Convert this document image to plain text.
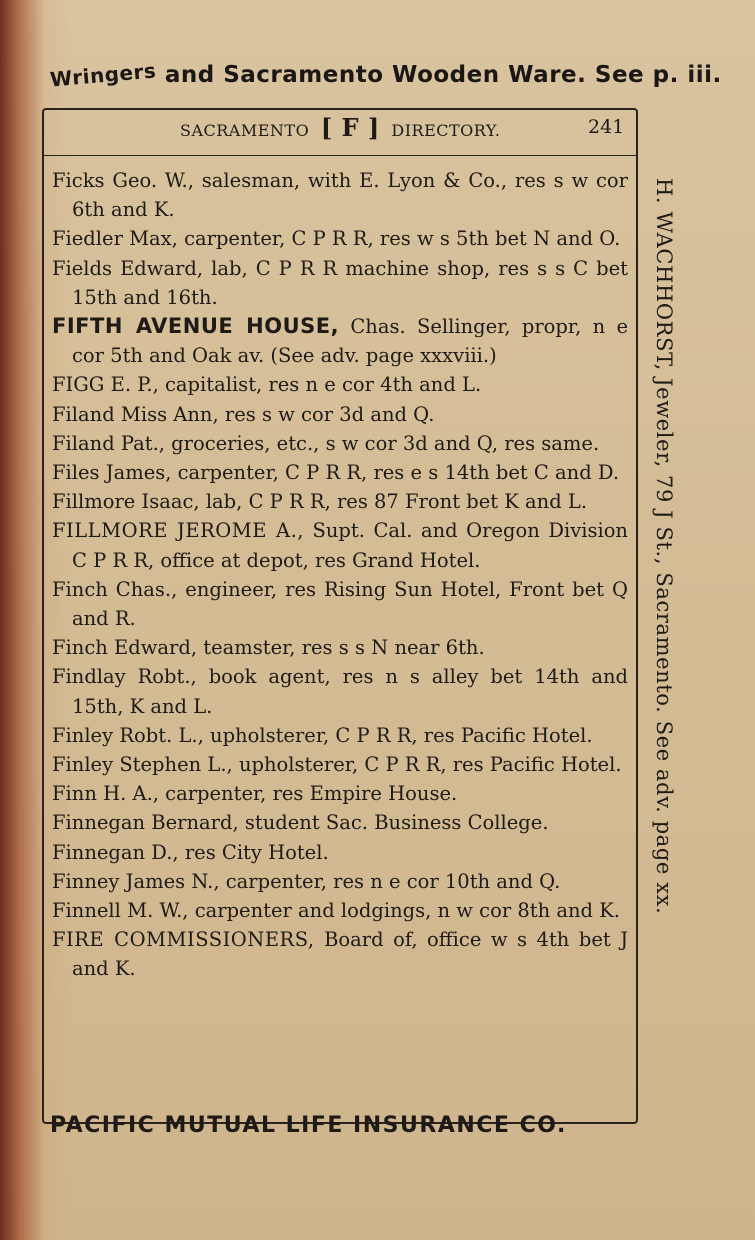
Wringers and Sacramento Wooden Ware. See p. iii.
SACRAMENTO [ F ] DIRECTORY.	241
Ficks Geo. W., salesman, with E. Lyon & Co., res s w cor 6th and K.
Fiedler Max, carpenter, C P R R, res w s 5th bet N and O.
Fields Edward, lab, C P R R machine shop, res s s C bet 15th and 16th.
FIFTH AVENUE HOUSE, Chas. Sellinger, propr, n e cor 5th and Oak av. (See adv. page xxxviii.)
FIGG E. P., capitalist, res n e cor 4th and L.
Filand Miss Ann, res s w cor 3d and Q.
Filand Pat., groceries, etc., s w cor 3d and Q, res same.
Files James, carpenter, C P R R, res e s 14th bet C and D.
Fillmore Isaac, lab, C P R R, res 87 Front bet K and L.
FILLMORE JEROME A., Supt. Cal. and Oregon Division C P R R, office at depot, res Grand Hotel.
Finch Chas., engineer, res Rising Sun Hotel, Front bet Q and R.
Finch Edward, teamster, res s s N near 6th.
Findlay Robt., book agent, res n s alley bet 14th and 15th, K and L.
Finley Robt. L., upholsterer, C P R R, res Pacific Hotel.
Finley Stephen L., upholsterer, C P R R, res Pacific Hotel.
Finn H. A., carpenter, res Empire House.
Finnegan Bernard, student Sac. Business College.
Finnegan D., res City Hotel.
Finney James N., carpenter, res n e cor 10th and Q.
Finnell M. W., carpenter and lodgings, n w cor 8th and K.
FIRE COMMISSIONERS, Board of, office w s 4th bet J and K.
H. WACHHORST, Jeweler, 79 J St., Sacramento. See adv. page xx.
PACIFIC MUTUAL LIFE INSURANCE CO.
